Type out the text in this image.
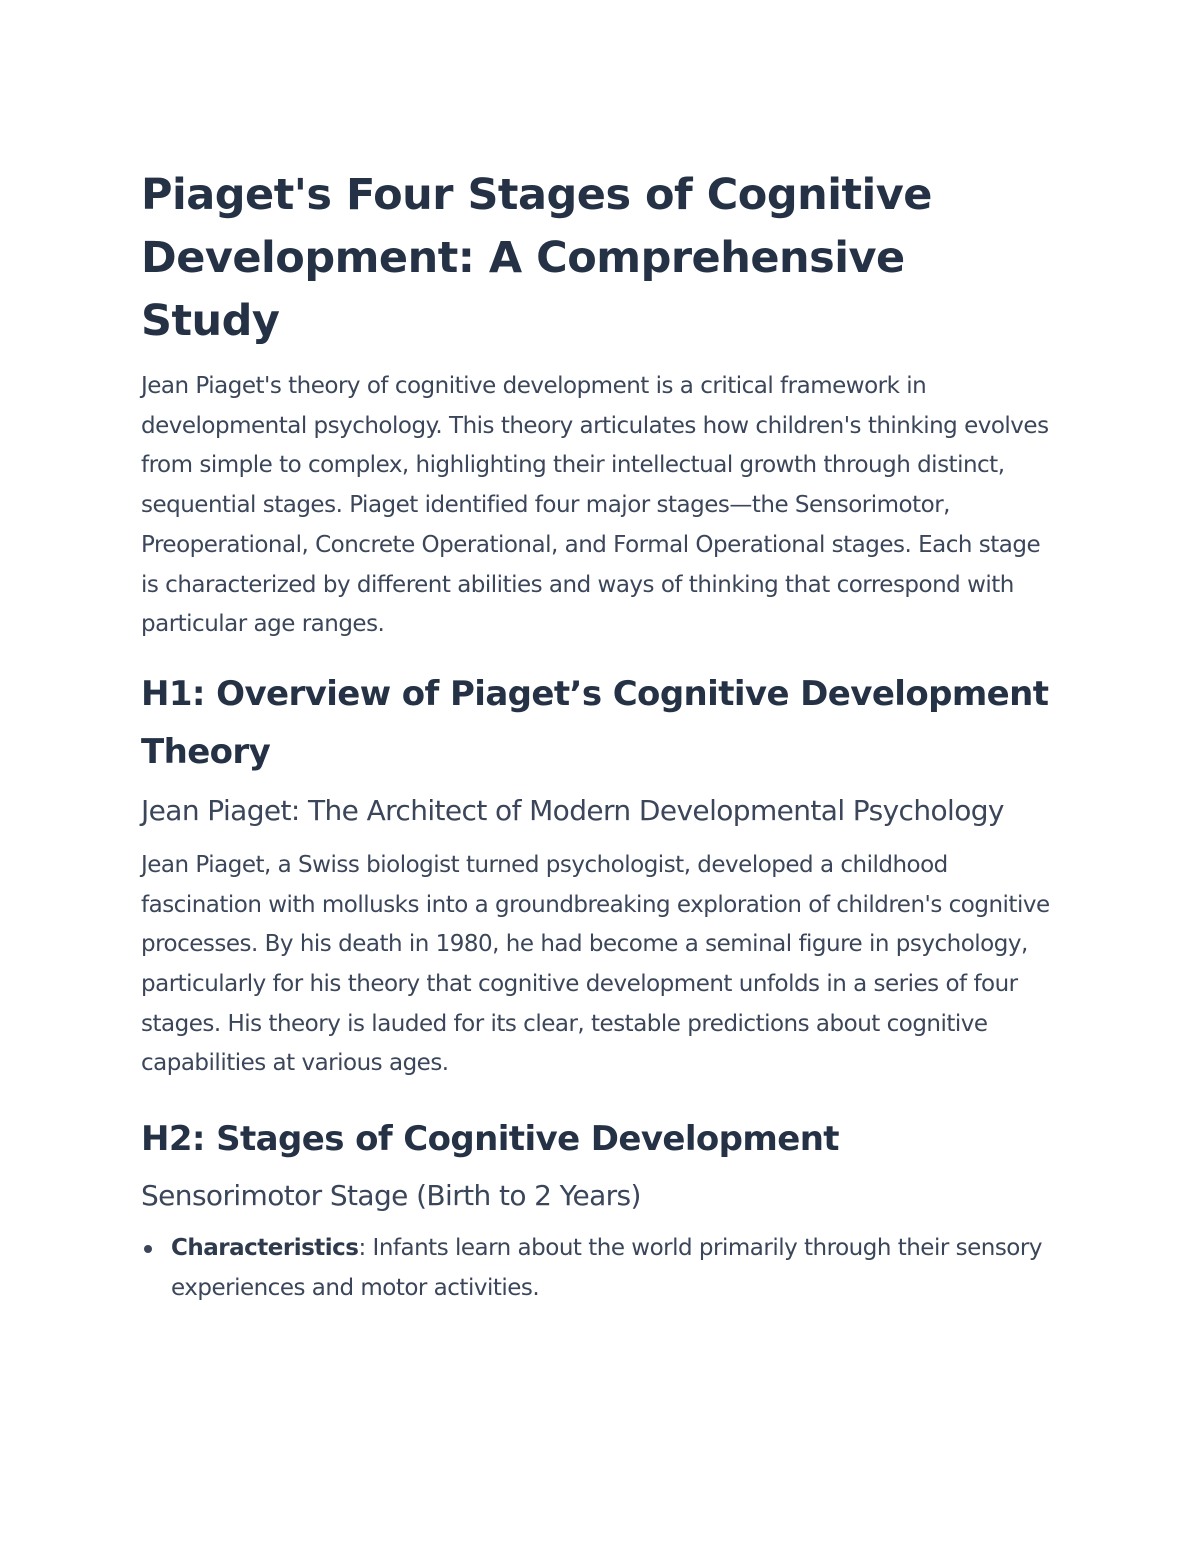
Piaget's Four Stages of Cognitive Development: A Comprehensive Study

Jean Piaget's theory of cognitive development is a critical framework in developmental psychology. This theory articulates how children's thinking evolves from simple to complex, highlighting their intellectual growth through distinct, sequential stages. Piaget identified four major stages—the Sensorimotor, Preoperational, Concrete Operational, and Formal Operational stages. Each stage is characterized by different abilities and ways of thinking that correspond with particular age ranges.

H1: Overview of Piaget’s Cognitive Development Theory
Jean Piaget: The Architect of Modern Developmental Psychology

Jean Piaget, a Swiss biologist turned psychologist, developed a childhood fascination with mollusks into a groundbreaking exploration of children's cognitive processes. By his death in 1980, he had become a seminal figure in psychology, particularly for his theory that cognitive development unfolds in a series of four stages. His theory is lauded for its clear, testable predictions about cognitive capabilities at various ages.

H2: Stages of Cognitive Development
Sensorimotor Stage (Birth to 2 Years)
Characteristics: Infants learn about the world primarily through their sensory experiences and motor activities.
